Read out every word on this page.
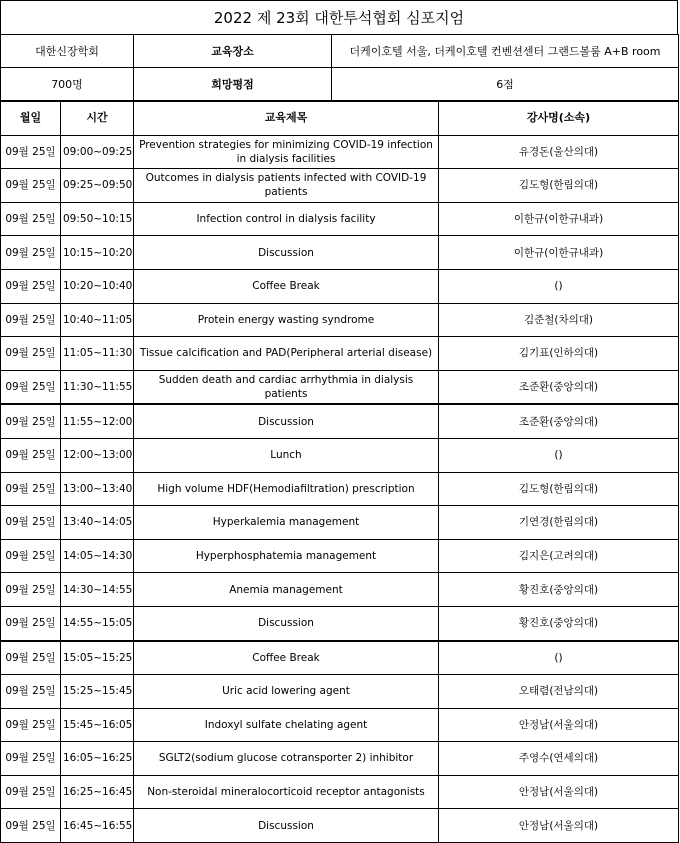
2022 제 23회 대한투석협회 심포지엄
대한신장학회	교육장소	더케이호텔 서울, 더케이호텔 컨벤션센터 그랜드볼룸 A+B room
700명	희망평점	6점
월일	시간	교육제목	강사명(소속)
09월 25일	09:00~09:25	Prevention strategies for minimizing COVID-19 infection in dialysis facilities	유경돈(울산의대)
09월 25일	09:25~09:50	Outcomes in dialysis patients infected with COVID-19 patients	김도형(한림의대)
09월 25일	09:50~10:15	Infection control in dialysis facility	이한규(이한규내과)
09월 25일	10:15~10:20	Discussion	이한규(이한규내과)
09월 25일	10:20~10:40	Coffee Break	()
09월 25일	10:40~11:05	Protein energy wasting syndrome	김준철(차의대)
09월 25일	11:05~11:30	Tissue calcification and PAD(Peripheral arterial disease)	김기표(인하의대)
09월 25일	11:30~11:55	Sudden death and cardiac arrhythmia in dialysis patients	조준환(중앙의대)
09월 25일	11:55~12:00	Discussion	조준환(중앙의대)
09월 25일	12:00~13:00	Lunch	()
09월 25일	13:00~13:40	High volume HDF(Hemodiafiltration) prescription	김도형(한림의대)
09월 25일	13:40~14:05	Hyperkalemia management	기연경(한림의대)
09월 25일	14:05~14:30	Hyperphosphatemia management	김지은(고려의대)
09월 25일	14:30~14:55	Anemia management	황진호(중앙의대)
09월 25일	14:55~15:05	Discussion	황진호(중앙의대)
09월 25일	15:05~15:25	Coffee Break	()
09월 25일	15:25~15:45	Uric acid lowering agent	오태렴(전남의대)
09월 25일	15:45~16:05	Indoxyl sulfate chelating agent	안정남(서울의대)
09월 25일	16:05~16:25	SGLT2(sodium glucose cotransporter 2) inhibitor	주영수(연세의대)
09월 25일	16:25~16:45	Non-steroidal mineralocorticoid receptor antagonists	안정남(서울의대)
09월 25일	16:45~16:55	Discussion	안정남(서울의대)
